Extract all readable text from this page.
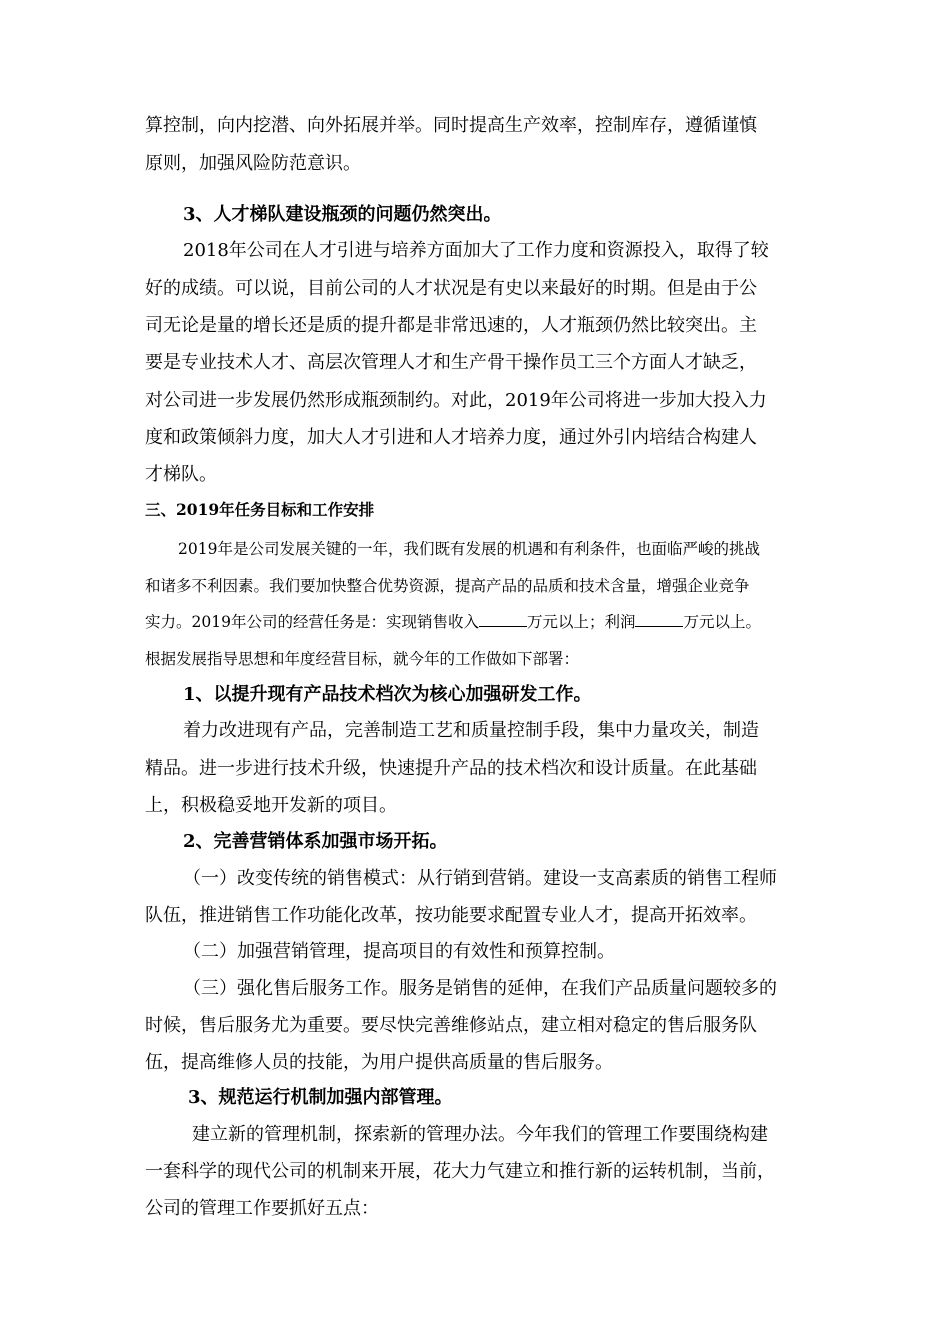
算控制，向内挖潜、向外拓展并举。同时提高生产效率，控制库存，遵循谨慎
原则，加强风险防范意识。
3、人才梯队建设瓶颈的问题仍然突出。
2018年公司在人才引进与培养方面加大了工作力度和资源投入，取得了较
好的成绩。可以说，目前公司的人才状况是有史以来最好的时期。但是由于公
司无论是量的增长还是质的提升都是非常迅速的，人才瓶颈仍然比较突出。主
要是专业技术人才、高层次管理人才和生产骨干操作员工三个方面人才缺乏，
对公司进一步发展仍然形成瓶颈制约。对此，2019年公司将进一步加大投入力
度和政策倾斜力度，加大人才引进和人才培养力度，通过外引内培结合构建人
才梯队。
三、2019年任务目标和工作安排
2019年是公司发展关键的一年，我们既有发展的机遇和有利条件，也面临严峻的挑战
和诸多不利因素。我们要加快整合优势资源，提高产品的品质和技术含量，增强企业竞争
实力。2019年公司的经营任务是：实现销售收入	万元以上；利润	万元以上。
根据发展指导思想和年度经营目标，就今年的工作做如下部署：
1、以提升现有产品技术档次为核心加强研发工作。
着力改进现有产品，完善制造工艺和质量控制手段，集中力量攻关，制造
精品。进一步进行技术升级，快速提升产品的技术档次和设计质量。在此基础
上，积极稳妥地开发新的项目。
2、完善营销体系加强市场开拓。
（一）改变传统的销售模式：从行销到营销。建设一支高素质的销售工程师
队伍，推进销售工作功能化改革，按功能要求配置专业人才，提高开拓效率。
（二）加强营销管理，提高项目的有效性和预算控制。
（三）强化售后服务工作。服务是销售的延伸，在我们产品质量问题较多的
时候，售后服务尤为重要。要尽快完善维修站点，建立相对稳定的售后服务队
伍，提高维修人员的技能，为用户提供高质量的售后服务。
3、规范运行机制加强内部管理。
建立新的管理机制，探索新的管理办法。今年我们的管理工作要围绕构建
一套科学的现代公司的机制来开展，花大力气建立和推行新的运转机制，当前，
公司的管理工作要抓好五点：
